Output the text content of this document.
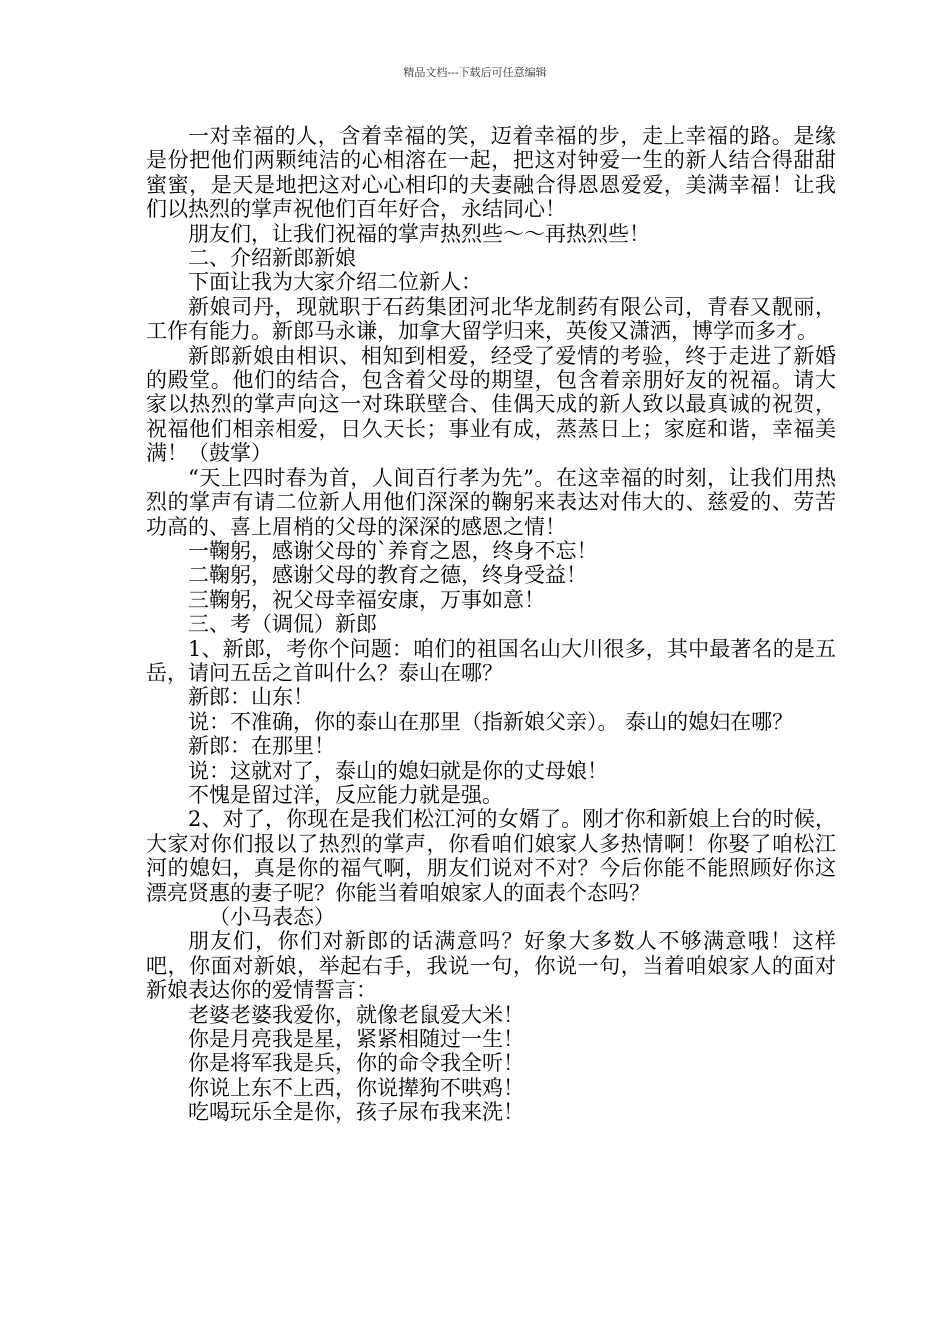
精品文档---下载后可任意编辑

一对幸福的人，含着幸福的笑，迈着幸福的步，走上幸福的路。是缘是份把他们两颗纯洁的心相溶在一起，把这对钟爱一生的新人结合得甜甜蜜蜜，是天是地把这对心心相印的夫妻融合得恩恩爱爱，美满幸福！让我们以热烈的掌声祝他们百年好合，永结同心！

朋友们，让我们祝福的掌声热烈些～～再热烈些！

二、介绍新郎新娘

下面让我为大家介绍二位新人：

新娘司丹，现就职于石药集团河北华龙制药有限公司，青春又靓丽，工作有能力。新郎马永谦，加拿大留学归来，英俊又潇洒，博学而多才。

新郎新娘由相识、相知到相爱，经受了爱情的考验，终于走进了新婚的殿堂。他们的结合，包含着父母的期望，包含着亲朋好友的祝福。请大家以热烈的掌声向这一对珠联壁合、佳偶天成的新人致以最真诚的祝贺，祝福他们相亲相爱，日久天长；事业有成，蒸蒸日上；家庭和谐，幸福美满！（鼓掌）

“天上四时春为首，人间百行孝为先”。在这幸福的时刻，让我们用热烈的掌声有请二位新人用他们深深的鞠躬来表达对伟大的、慈爱的、劳苦功高的、喜上眉梢的父母的深深的感恩之情！

一鞠躬，感谢父母的`养育之恩，终身不忘！

二鞠躬，感谢父母的教育之德，终身受益！

三鞠躬，祝父母幸福安康，万事如意！

三、考（调侃）新郎

1、新郎，考你个问题：咱们的祖国名山大川很多，其中最著名的是五岳，请问五岳之首叫什么？泰山在哪？

新郎：山东！

说：不准确，你的泰山在那里（指新娘父亲）。 泰山的媳妇在哪？

新郎：在那里！

说：这就对了，泰山的媳妇就是你的丈母娘！

不愧是留过洋，反应能力就是强。

2、对了，你现在是我们松江河的女婿了。刚才你和新娘上台的时候，大家对你们报以了热烈的掌声，你看咱们娘家人多热情啊！你娶了咱松江河的媳妇，真是你的福气啊，朋友们说对不对？今后你能不能照顾好你这漂亮贤惠的妻子呢？你能当着咱娘家人的面表个态吗？

（小马表态）

朋友们，你们对新郎的话满意吗？好象大多数人不够满意哦！这样吧，你面对新娘，举起右手，我说一句，你说一句，当着咱娘家人的面对新娘表达你的爱情誓言：

老婆老婆我爱你，就像老鼠爱大米！

你是月亮我是星，紧紧相随过一生！

你是将军我是兵，你的命令我全听！

你说上东不上西，你说撵狗不哄鸡！

吃喝玩乐全是你，孩子尿布我来洗！
